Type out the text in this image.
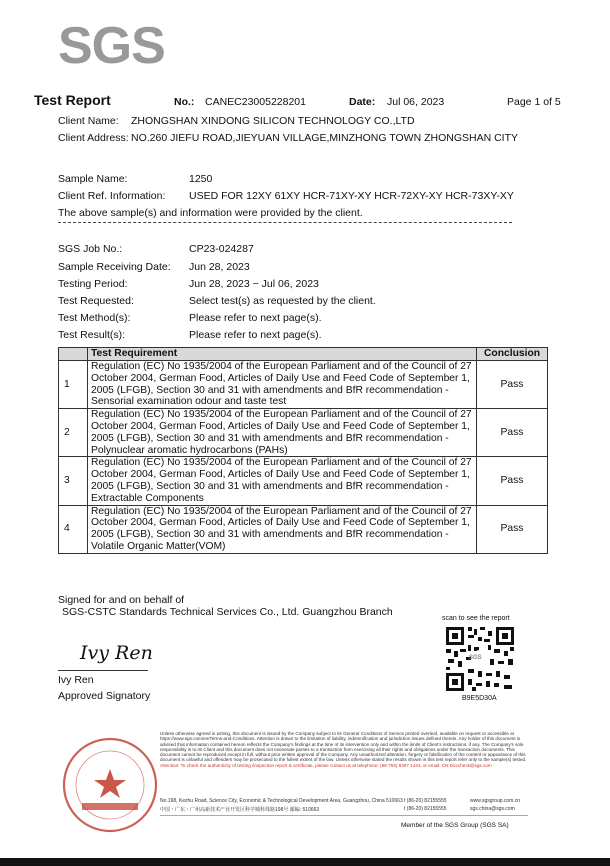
SGS
Test Report	No.: CANEC23005228201	Date: Jul 06, 2023	Page 1 of 5
Client Name: ZHONGSHAN XINDONG SILICON TECHNOLOGY CO.,LTD
Client Address: NO.260 JIEFU ROAD,JIEYUAN VILLAGE,MINZHONG TOWN ZHONGSHAN CITY
Sample Name:	1250
Client Ref. Information: USED FOR 12XY 61XY HCR-71XY-XY HCR-72XY-XY HCR-73XY-XY
The above sample(s) and information were provided by the client.
SGS Job No.:	CP23-024287
Sample Receiving Date: Jun 28, 2023
Testing Period:	Jun 28, 2023 ~ Jul 06, 2023
Test Requested:	Select test(s) as requested by the client.
Test Method(s):	Please refer to next page(s).
Test Result(s):	Please refer to next page(s).
	Test Requirement	Conclusion
1	Regulation (EC) No 1935/2004 of the European Parliament and of the Council of 27 October 2004, German Food, Articles of Daily Use and Feed Code of September 1, 2005 (LFGB), Section 30 and 31 with amendments and BfR recommendation - Sensorial examination odour and taste test	Pass
2	Regulation (EC) No 1935/2004 of the European Parliament and of the Council of 27 October 2004, German Food, Articles of Daily Use and Feed Code of September 1, 2005 (LFGB), Section 30 and 31 with amendments and BfR recommendation - Polynuclear aromatic hydrocarbons (PAHs)	Pass
3	Regulation (EC) No 1935/2004 of the European Parliament and of the Council of 27 October 2004, German Food, Articles of Daily Use and Feed Code of September 1, 2005 (LFGB), Section 30 and 31 with amendments and BfR recommendation - Extractable Components	Pass
4	Regulation (EC) No 1935/2004 of the European Parliament and of the Council of 27 October 2004, German Food, Articles of Daily Use and Feed Code of September 1, 2005 (LFGB), Section 30 and 31 with amendments and BfR recommendation - Volatile Organic Matter(VOM)	Pass
Signed for and on behalf of
SGS-CSTC Standards Technical Services Co., Ltd. Guangzhou Branch
Ivy Ren
Ivy Ren
Approved Signatory
scan to see the report
SGS
B9E5D30A
Unless otherwise agreed in writing, this document is issued by the Company subject to its General Conditions of Service printed overleaf, available on request or accessible at https://www.sgs.com/en/Terms-and-Conditions. Attention is drawn to the limitation of liability, indemnification and jurisdiction issues defined therein. Any holder of this document is advised that information contained hereon reflects the Company's findings at the time of its intervention only and within the limits of Client's instructions, if any. The Company's sole responsibility is to its Client and this document does not exonerate parties to a transaction from exercising all their rights and obligations under the transaction documents. This document cannot be reproduced except in full, without prior written approval of the Company. Any unauthorized alteration, forgery or falsification of the content or appearance of this document is unlawful and offenders may be prosecuted to the fullest extent of the law. Unless otherwise stated the results shown in this test report refer only to the sample(s) tested. Attention: To check the authenticity of testing /inspection report & certificate, please contact us at telephone: (86-755) 8307 1443, or email: CN.Doccheck@sgs.com
No.198, Kezhu Road, Science City, Economic & Technological Development Area, Guangzhou, China 510663
中国・广东・广州高新技术产业开发区科学城科珠路198号 邮编: 510663
t (86-20) 82155555
t (86-20) 82155555
www.sgsgroup.com.cn
sgs.china@sgs.com
Member of the SGS Group (SGS SA)
